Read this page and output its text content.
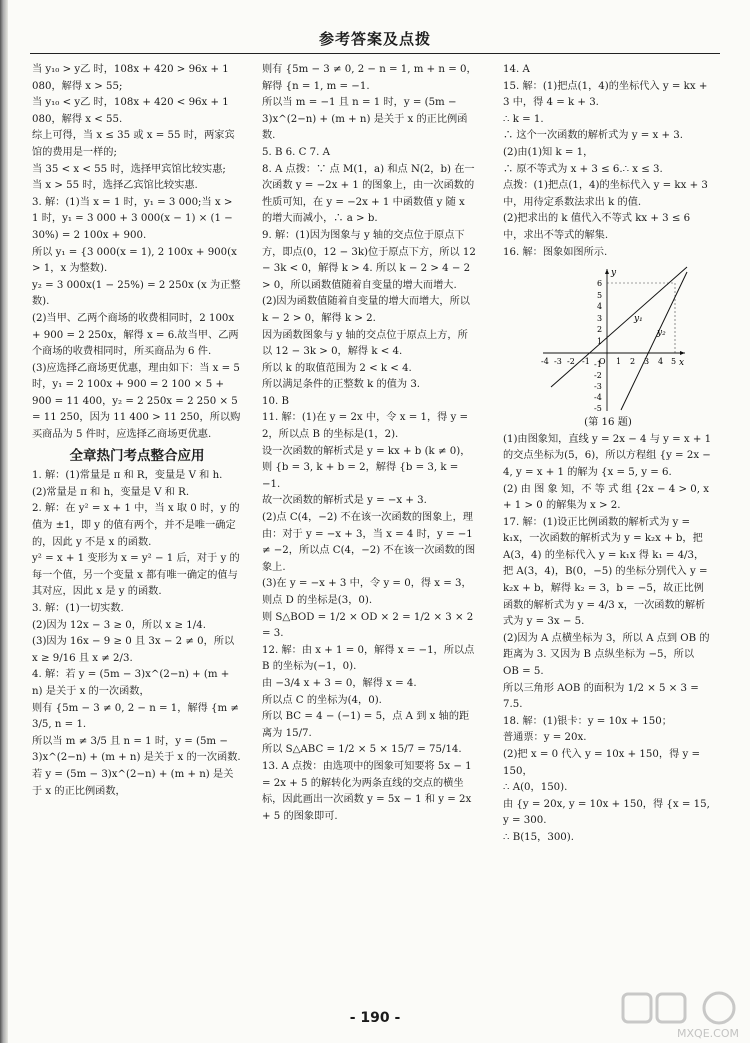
参考答案及点拨

当 y₁₀ > y乙 时，108x + 420 > 96x + 1 080，解得 x > 55;

当 y₁₀ < y乙 时，108x + 420 < 96x + 1 080，解得 x < 55.

综上可得，当 x ≤ 35 或 x = 55 时，两家宾馆的费用是一样的;

当 35 < x < 55 时，选择甲宾馆比较实惠;

当 x > 55 时，选择乙宾馆比较实惠.

3. 解：(1)当 x = 1 时，y₁ = 3 000;当 x > 1 时，y₁ = 3 000 + 3 000(x − 1) × (1 − 30%) = 2 100x + 900.

所以 y₁ = {3 000(x = 1), 2 100x + 900(x > 1，x 为整数).

y₂ = 3 000x(1 − 25%) = 2 250x (x 为正整数).

(2)当甲、乙两个商场的收费相同时，2 100x + 900 = 2 250x，解得 x = 6.故当甲、乙两个商场的收费相同时，所买商品为 6 件.

(3)应选择乙商场更优惠，理由如下：当 x = 5 时，y₁ = 2 100x + 900 = 2 100 × 5 + 900 = 11 400，y₂ = 2 250x = 2 250 × 5 = 11 250，因为 11 400 > 11 250，所以购买商品为 5 件时，应选择乙商场更优惠.

全章热门考点整合应用

1. 解：(1)常量是 π 和 R，变量是 V 和 h.

(2)常量是 π 和 h，变量是 V 和 R.

2. 解：在 y² = x + 1 中，当 x 取 0 时，y 的值为 ±1，即 y 的值有两个，并不是唯一确定的，因此 y 不是 x 的函数.

y² = x + 1 变形为 x = y² − 1 后，对于 y 的每一个值，另一个变量 x 都有唯一确定的值与其对应，因此 x 是 y 的函数.

3. 解：(1)一切实数.

(2)因为 12x − 3 ≥ 0，所以 x ≥ 1/4.

(3)因为 16x − 9 ≥ 0 且 3x − 2 ≠ 0，所以 x ≥ 9/16 且 x ≠ 2/3.

4. 解：若 y = (5m − 3)x^(2−n) + (m + n) 是关于 x 的一次函数，

则有 {5m − 3 ≠ 0, 2 − n = 1，解得 {m ≠ 3/5, n = 1.

所以当 m ≠ 3/5 且 n = 1 时，y = (5m − 3)x^(2−n) + (m + n) 是关于 x 的一次函数.

若 y = (5m − 3)x^(2−n) + (m + n) 是关于 x 的正比例函数，

则有 {5m − 3 ≠ 0, 2 − n = 1, m + n = 0，解得 {n = 1, m = −1.

所以当 m = −1 且 n = 1 时，y = (5m − 3)x^(2−n) + (m + n) 是关于 x 的正比例函数.

5. B 6. C 7. A

8. A 点拨：∵ 点 M(1，a) 和点 N(2，b) 在一次函数 y = −2x + 1 的图象上，由一次函数的性质可知，在 y = −2x + 1 中函数值 y 随 x 的增大而减小，∴ a > b.

9. 解：(1)因为图象与 y 轴的交点位于原点下方，即点(0，12 − 3k)位于原点下方，所以 12 − 3k < 0，解得 k > 4. 所以 k − 2 > 4 − 2 > 0，所以函数值随着自变量的增大而增大.

(2)因为函数值随着自变量的增大而增大，所以 k − 2 > 0，解得 k > 2.

因为函数图象与 y 轴的交点位于原点上方，所以 12 − 3k > 0，解得 k < 4.

所以 k 的取值范围为 2 < k < 4.

所以满足条件的正整数 k 的值为 3.

10. B

11. 解：(1)在 y = 2x 中，令 x = 1，得 y = 2，所以点 B 的坐标是(1，2).

设一次函数的解析式是 y = kx + b (k ≠ 0)，

则 {b = 3, k + b = 2，解得 {b = 3, k = −1.

故一次函数的解析式是 y = −x + 3.

(2)点 C(4，−2) 不在该一次函数的图象上，理由：对于 y = −x + 3，当 x = 4 时，y = −1 ≠ −2，所以点 C(4，−2) 不在该一次函数的图象上.

(3)在 y = −x + 3 中，令 y = 0，得 x = 3，则点 D 的坐标是(3，0).

则 S△BOD = 1/2 × OD × 2 = 1/2 × 3 × 2 = 3.

12. 解：由 x + 1 = 0，解得 x = −1，所以点 B 的坐标为(−1，0).

由 −3/4 x + 3 = 0，解得 x = 4.

所以点 C 的坐标为(4，0).

所以 BC = 4 − (−1) = 5，点 A 到 x 轴的距离为 15/7.

所以 S△ABC = 1/2 × 5 × 15/7 = 75/14.

13. A 点拨：由选项中的图象可知要将 5x − 1 = 2x + 5 的解转化为两条直线的交点的横坐标，因此画出一次函数 y = 5x − 1 和 y = 2x + 5 的图象即可.

14. A

15. 解：(1)把点(1，4)的坐标代入 y = kx + 3 中，得 4 = k + 3.

∴ k = 1.

∴ 这个一次函数的解析式为 y = x + 3.

(2)由(1)知 k = 1，

∴ 原不等式为 x + 3 ≤ 6.∴ x ≤ 3.

点拨：(1)把点(1，4)的坐标代入 y = kx + 3 中，用待定系数法求出 k 的值.

(2)把求出的 k 值代入不等式 kx + 3 ≤ 6 中，求出不等式的解集.

16. 解：图象如图所示.

y₁
y₂
x
y
-4 -3 -2 -1 O 1 2 3 4 5
6
5
4
3
2
1
-1
-2
-3
-4
-5

(第 16 题)

(1)由图象知，直线 y = 2x − 4 与 y = x + 1 的交点坐标为(5，6)，所以方程组 {y = 2x − 4, y = x + 1 的解为 {x = 5, y = 6.

(2) 由 图 象 知，不 等 式 组 {2x − 4 > 0, x + 1 > 0 的解集为 x > 2.

17. 解：(1)设正比例函数的解析式为 y = k₁x，一次函数的解析式为 y = k₂x + b，把 A(3，4) 的坐标代入 y = k₁x 得 k₁ = 4/3，把 A(3，4)，B(0，−5) 的坐标分别代入 y = k₂x + b，解得 k₂ = 3，b = −5，故正比例函数的解析式为 y = 4/3 x，一次函数的解析式为 y = 3x − 5.

(2)因为 A 点横坐标为 3，所以 A 点到 OB 的距离为 3. 又因为 B 点纵坐标为 −5，所以 OB = 5.

所以三角形 AOB 的面积为 1/2 × 5 × 3 = 7.5.

18. 解：(1)银卡：y = 10x + 150；

普通票：y = 20x.

(2)把 x = 0 代入 y = 10x + 150，得 y = 150，

∴ A(0，150).

由 {y = 20x, y = 10x + 150，得 {x = 15, y = 300.

∴ B(15，300).

- 190 -
MXQE.COM
